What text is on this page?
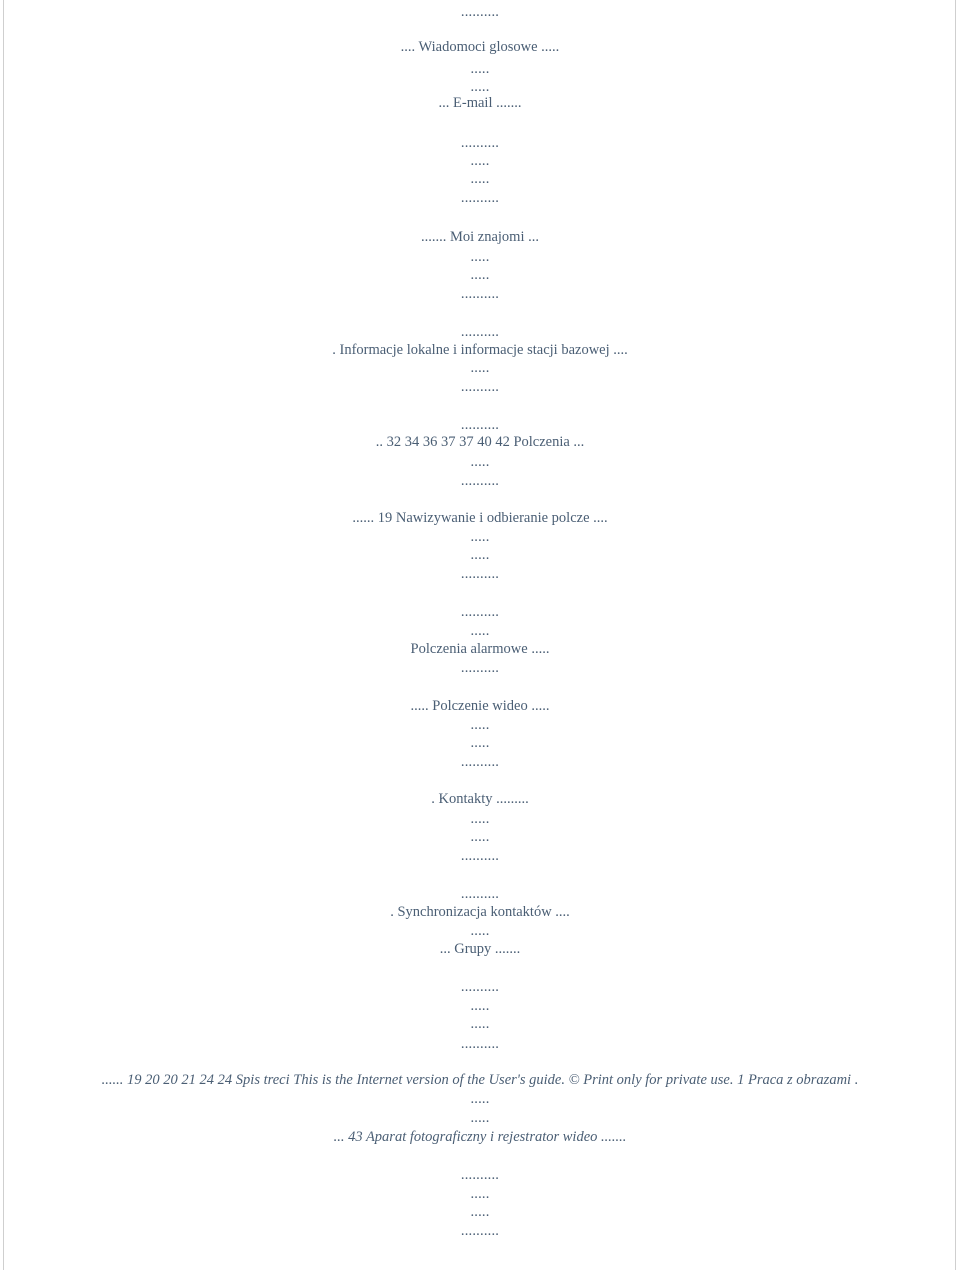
..........
.... Wiadomoci glosowe .....
.....
.....
... E-mail .......
..........
.....
.....
..........
....... Moi znajomi ...
.....
.....
..........
..........
. Informacje lokalne i informacje stacji bazowej ....
.....
..........
..........
.. 32 34 36 37 37 40 42 Polczenia ...
.....
..........
...... 19 Nawizywanie i odbieranie polcze ....
.....
.....
..........
..........
.....
Polczenia alarmowe .....
..........
..... Polczenie wideo .....
.....
.....
..........
. Kontakty .........
.....
.....
..........
..........
. Synchronizacja kontaktów ....
.....
... Grupy .......
..........
.....
.....
..........
...... 19 20 20 21 24 24 Spis treci This is the Internet version of the User's guide. © Print only for private use. 1 Praca z obrazami .
.....
.....
... 43 Aparat fotograficzny i rejestrator wideo .......
..........
.....
.....
..........
